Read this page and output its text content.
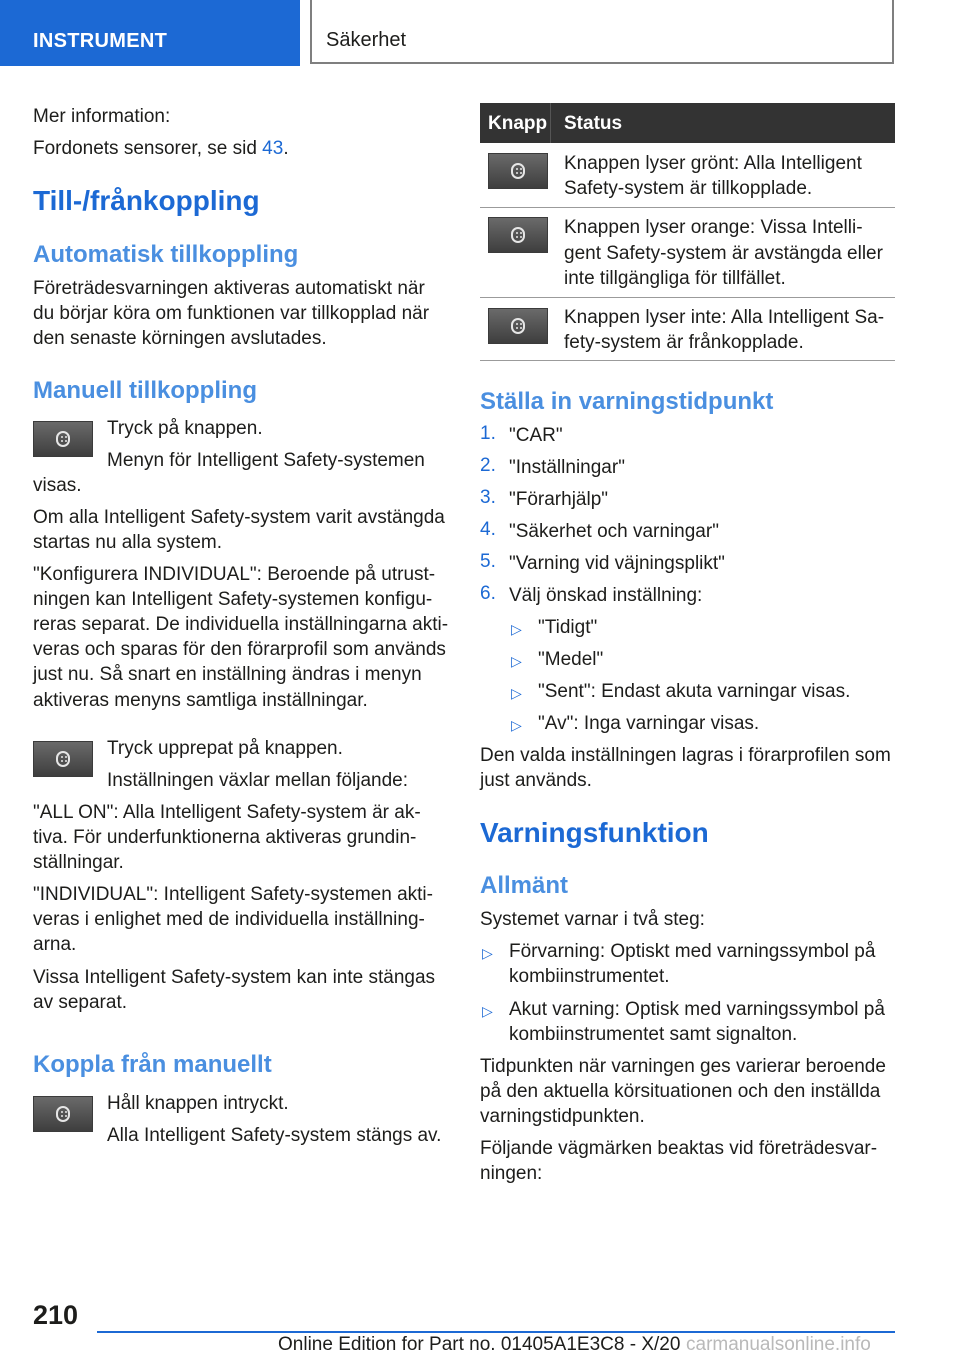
INSTRUMENT	Säkerhet

Mer information:

Fordonets sensorer, se sid 43.

Till-/frånkoppling
Automatisk tillkoppling

Företrädesvarningen aktiveras automatiskt när

du börjar köra om funktionen var tillkopplad när

den senaste körningen avslutades.

Manuell tillkoppling

Tryck på knappen.

Menyn för Intelligent Safety-systemen

visas.

Om alla Intelligent Safety-system varit avstängda

startas nu alla system.

"Konfigurera INDIVIDUAL": Beroende på utrust-

ningen kan Intelligent Safety-systemen konfigu-

reras separat. De individuella inställningarna akti-

veras och sparas för den förarprofil som används

just nu. Så snart en inställning ändras i menyn

aktiveras menyns samtliga inställningar.

Tryck upprepat på knappen.

Inställningen växlar mellan följande:

"ALL ON": Alla Intelligent Safety-system är ak-

tiva. För underfunktionerna aktiveras grundin-

ställningar.

"INDIVIDUAL": Intelligent Safety-systemen akti-

veras i enlighet med de individuella inställning-

arna.

Vissa Intelligent Safety-system kan inte stängas

av separat.

Koppla från manuellt

Håll knappen intryckt.

Alla Intelligent Safety-system stängs av.

Knapp Status

Knappen lyser grönt: Alla Intelligent

Safety-system är tillkopplade.

Knappen lyser orange: Vissa Intelli-

gent Safety-system är avstängda eller

inte tillgängliga för tillfället.

Knappen lyser inte: Alla Intelligent Sa-

fety-system är frånkopplade.

Ställa in varningstidpunkt
1. "CAR"

2. "Inställningar"

3. "Förarhjälp"

4. "Säkerhet och varningar"

5. "Varning vid väjningsplikt"

6. Välj önskad inställning:

▷ "Tidigt"

▷ "Medel"

▷ "Sent": Endast akuta varningar visas.

▷ "Av": Inga varningar visas.

Den valda inställningen lagras i förarprofilen som

just används.

Varningsfunktion
Allmänt

Systemet varnar i två steg:

▷ Förvarning: Optiskt med varningssymbol på

kombiinstrumentet.

▷ Akut varning: Optisk med varningssymbol på

kombiinstrumentet samt signalton.

Tidpunkten när varningen ges varierar beroende

på den aktuella körsituationen och den inställda

varningstidpunkten.

Följande vägmärken beaktas vid företrädesvar-

ningen:

210
Online Edition for Part no. 01405A1E3C8 - X/20 carmanualsonline.info
